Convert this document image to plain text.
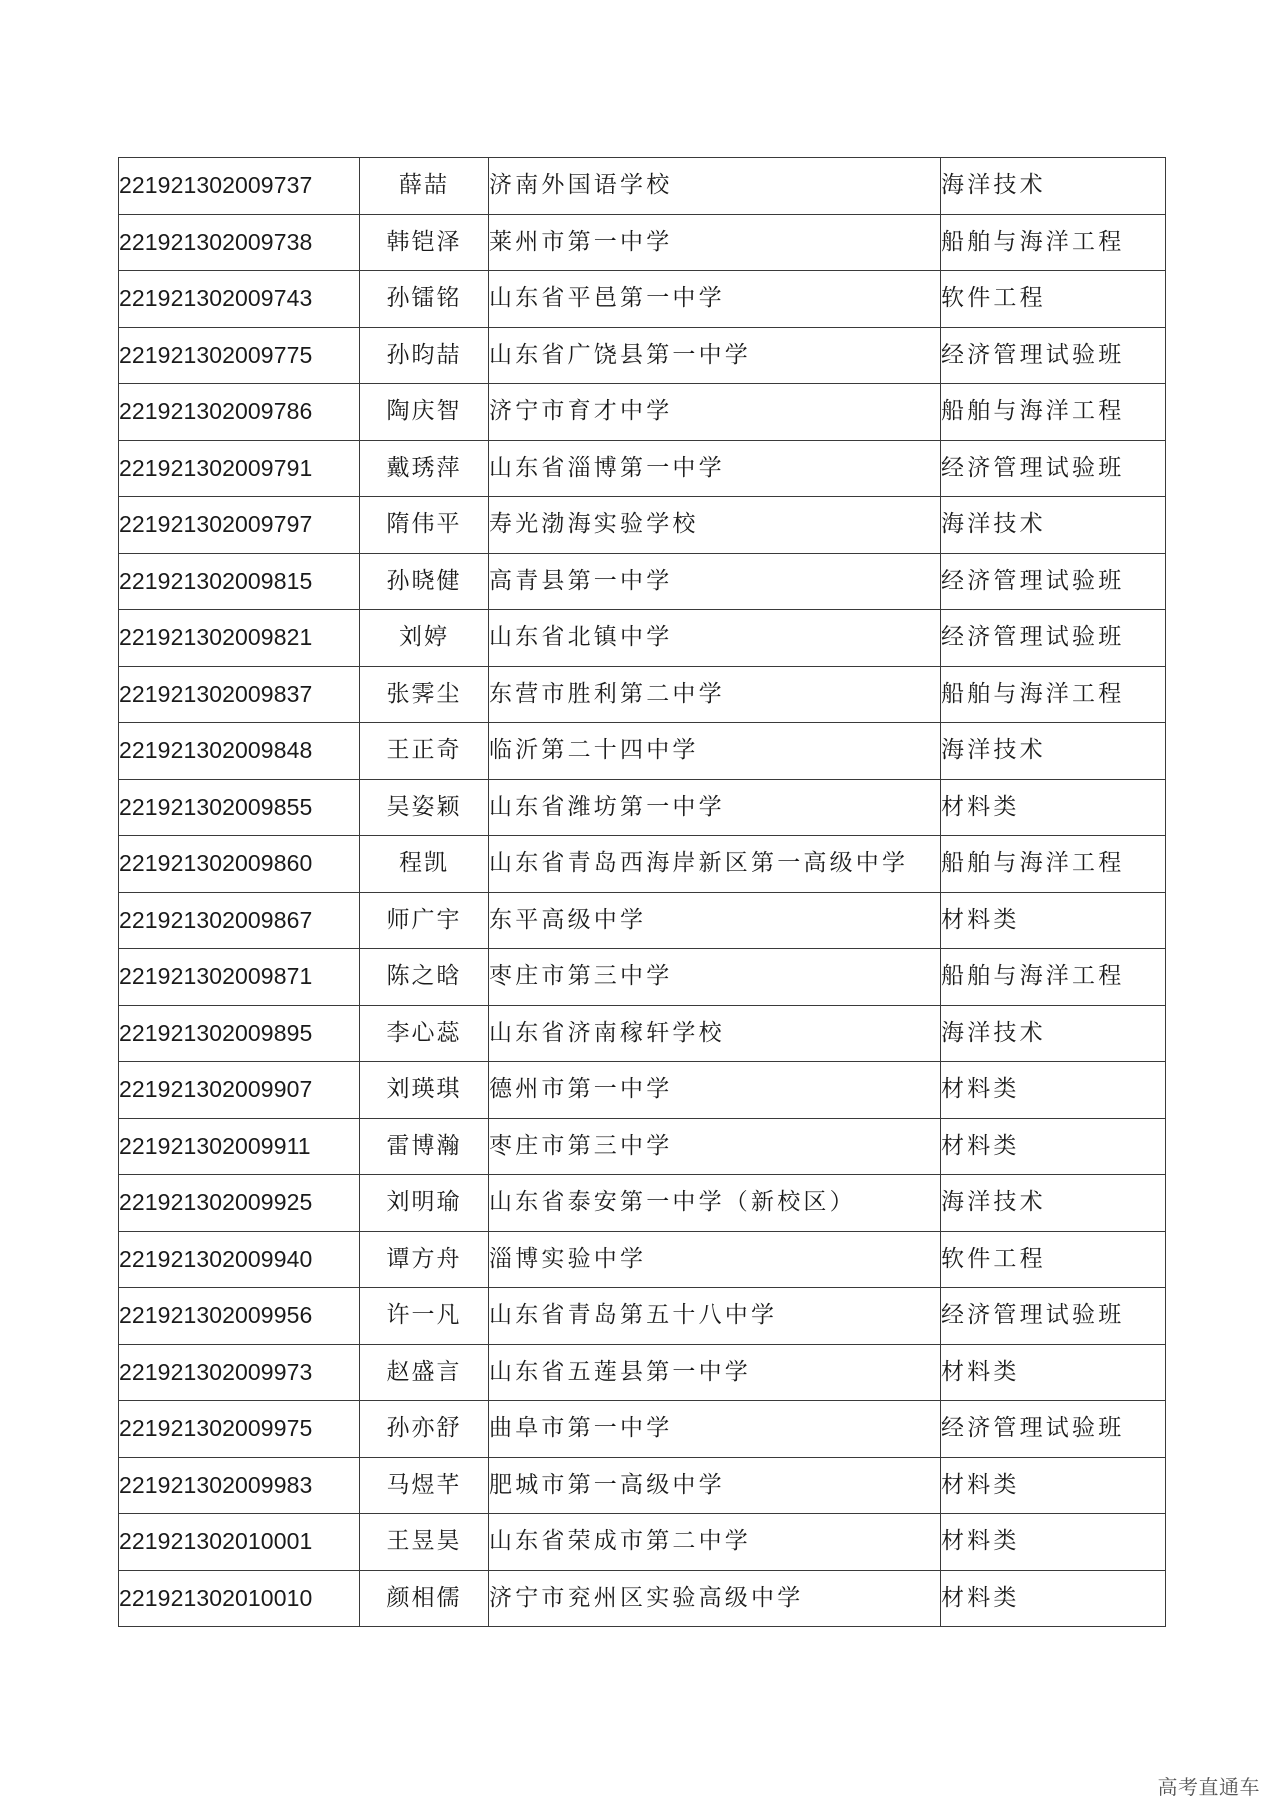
221921302009737	薛喆	济南外国语学校	海洋技术
221921302009738	韩铠泽	莱州市第一中学	船舶与海洋工程
221921302009743	孙镭铭	山东省平邑第一中学	软件工程
221921302009775	孙昀喆	山东省广饶县第一中学	经济管理试验班
221921302009786	陶庆智	济宁市育才中学	船舶与海洋工程
221921302009791	戴琇萍	山东省淄博第一中学	经济管理试验班
221921302009797	隋伟平	寿光渤海实验学校	海洋技术
221921302009815	孙晓健	高青县第一中学	经济管理试验班
221921302009821	刘婷	山东省北镇中学	经济管理试验班
221921302009837	张霁尘	东营市胜利第二中学	船舶与海洋工程
221921302009848	王正奇	临沂第二十四中学	海洋技术
221921302009855	吴姿颖	山东省潍坊第一中学	材料类
221921302009860	程凯	山东省青岛西海岸新区第一高级中学	船舶与海洋工程
221921302009867	师广宇	东平高级中学	材料类
221921302009871	陈之晗	枣庄市第三中学	船舶与海洋工程
221921302009895	李心蕊	山东省济南稼轩学校	海洋技术
221921302009907	刘瑛琪	德州市第一中学	材料类
221921302009911	雷博瀚	枣庄市第三中学	材料类
221921302009925	刘明瑜	山东省泰安第一中学（新校区）	海洋技术
221921302009940	谭方舟	淄博实验中学	软件工程
221921302009956	许一凡	山东省青岛第五十八中学	经济管理试验班
221921302009973	赵盛言	山东省五莲县第一中学	材料类
221921302009975	孙亦舒	曲阜市第一中学	经济管理试验班
221921302009983	马煜芊	肥城市第一高级中学	材料类
221921302010001	王昱昊	山东省荣成市第二中学	材料类
221921302010010	颜相儒	济宁市兖州区实验高级中学	材料类
高考直通车
